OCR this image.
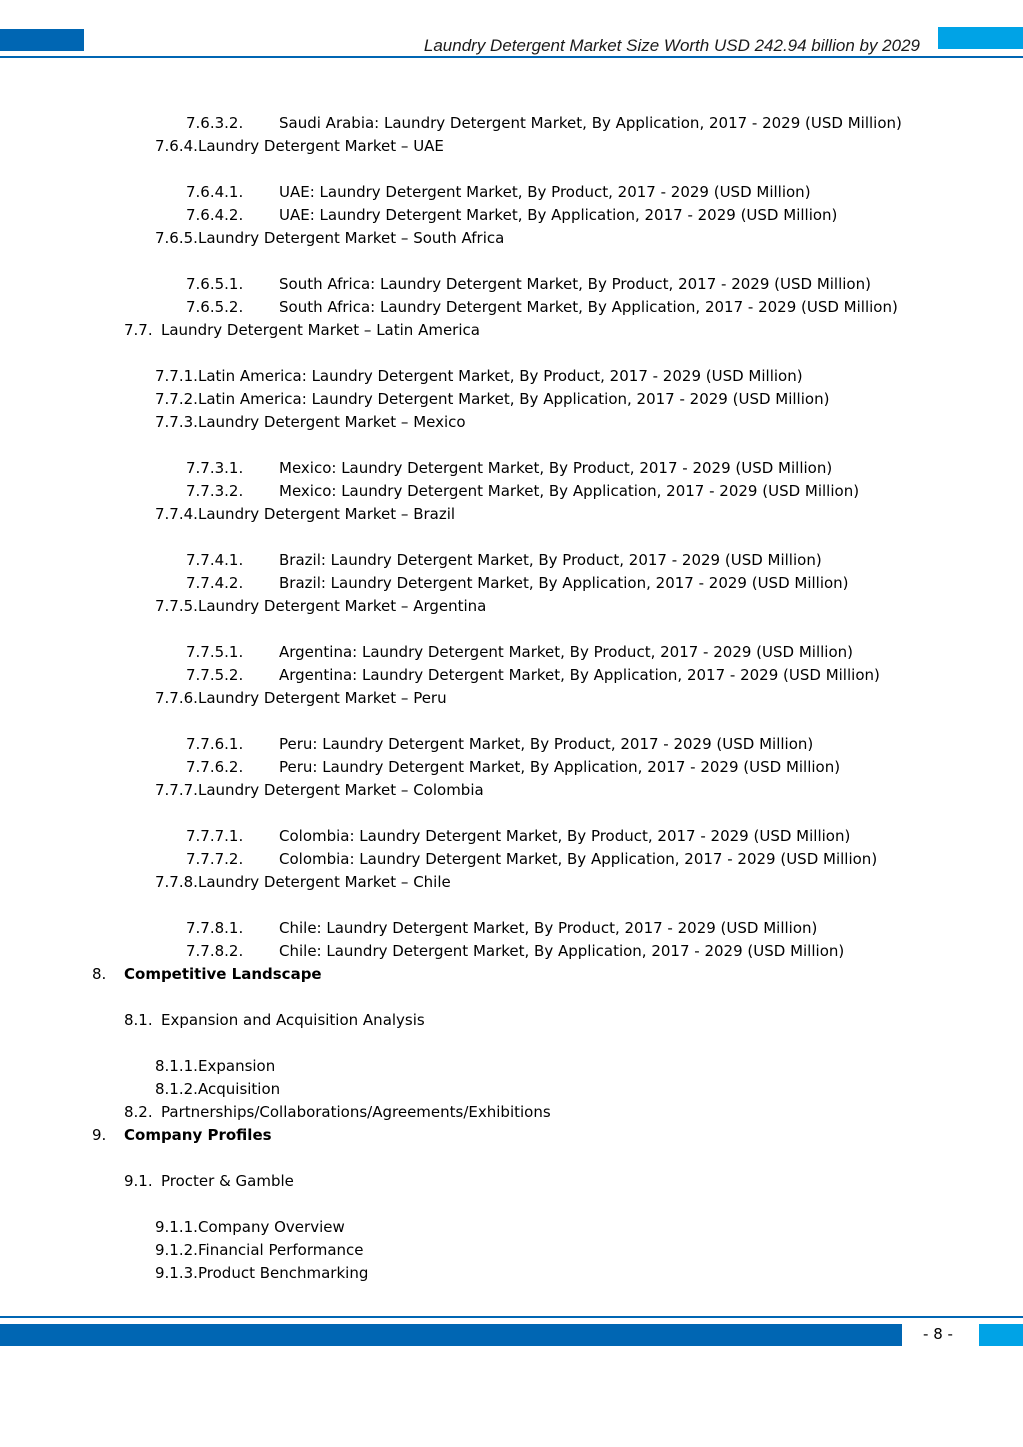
Laundry Detergent Market Size Worth USD 242.94 billion by 2029
7.6.3.2. Saudi Arabia: Laundry Detergent Market, By Application, 2017 - 2029 (USD Million)
7.6.4. Laundry Detergent Market – UAE
7.6.4.1. UAE: Laundry Detergent Market, By Product, 2017 - 2029 (USD Million)
7.6.4.2. UAE: Laundry Detergent Market, By Application, 2017 - 2029 (USD Million)
7.6.5. Laundry Detergent Market – South Africa
7.6.5.1. South Africa: Laundry Detergent Market, By Product, 2017 - 2029 (USD Million)
7.6.5.2. South Africa: Laundry Detergent Market, By Application, 2017 - 2029 (USD Million)
7.7. Laundry Detergent Market – Latin America
7.7.1. Latin America: Laundry Detergent Market, By Product, 2017 - 2029 (USD Million)
7.7.2. Latin America: Laundry Detergent Market, By Application, 2017 - 2029 (USD Million)
7.7.3. Laundry Detergent Market – Mexico
7.7.3.1. Mexico: Laundry Detergent Market, By Product, 2017 - 2029 (USD Million)
7.7.3.2. Mexico: Laundry Detergent Market, By Application, 2017 - 2029 (USD Million)
7.7.4. Laundry Detergent Market – Brazil
7.7.4.1. Brazil: Laundry Detergent Market, By Product, 2017 - 2029 (USD Million)
7.7.4.2. Brazil: Laundry Detergent Market, By Application, 2017 - 2029 (USD Million)
7.7.5. Laundry Detergent Market – Argentina
7.7.5.1. Argentina: Laundry Detergent Market, By Product, 2017 - 2029 (USD Million)
7.7.5.2. Argentina: Laundry Detergent Market, By Application, 2017 - 2029 (USD Million)
7.7.6. Laundry Detergent Market – Peru
7.7.6.1. Peru: Laundry Detergent Market, By Product, 2017 - 2029 (USD Million)
7.7.6.2. Peru: Laundry Detergent Market, By Application, 2017 - 2029 (USD Million)
7.7.7. Laundry Detergent Market – Colombia
7.7.7.1. Colombia: Laundry Detergent Market, By Product, 2017 - 2029 (USD Million)
7.7.7.2. Colombia: Laundry Detergent Market, By Application, 2017 - 2029 (USD Million)
7.7.8. Laundry Detergent Market – Chile
7.7.8.1. Chile: Laundry Detergent Market, By Product, 2017 - 2029 (USD Million)
7.7.8.2. Chile: Laundry Detergent Market, By Application, 2017 - 2029 (USD Million)
8. Competitive Landscape
8.1. Expansion and Acquisition Analysis
8.1.1. Expansion
8.1.2. Acquisition
8.2. Partnerships/Collaborations/Agreements/Exhibitions
9. Company Profiles
9.1. Procter & Gamble
9.1.1. Company Overview
9.1.2. Financial Performance
9.1.3. Product Benchmarking
- 8 -
